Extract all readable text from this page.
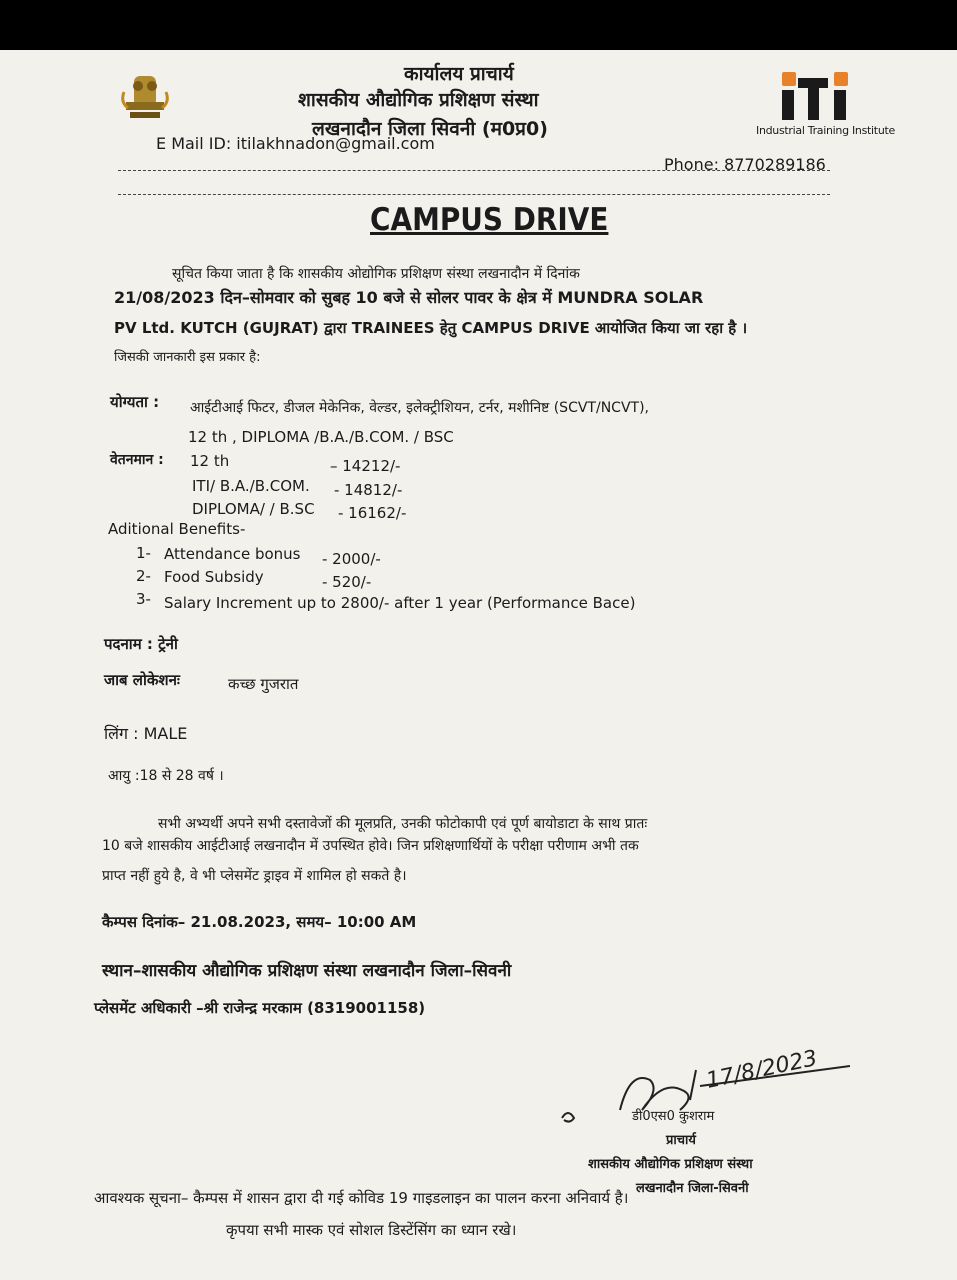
कार्यालय प्राचार्य
शासकीय औद्योगिक प्रशिक्षण संस्था
लखनादौन जिला सिवनी (म0प्र0)	Industrial Training Institute
E Mail ID: itilakhnadon@gmail.com
Phone: 8770289186
CAMPUS DRIVE
सूचित किया जाता है कि शासकीय ओद्योगिक प्रशिक्षण संस्था लखनादौन में दिनांक
21/08/2023 दिन–सोमवार को सुबह 10 बजे से सोलर पावर के क्षेत्र में MUNDRA SOLAR
PV Ltd. KUTCH (GUJRAT) द्वारा TRAINEES हेतु CAMPUS DRIVE आयोजित किया जा रहा है ।
जिसकी जानकारी इस प्रकार है:
योग्यता : आईटीआई फिटर, डीजल मेकेनिक, वेल्डर, इलेक्ट्रीशियन, टर्नर, मशीनिष्ट (SCVT/NCVT),
12 th , DIPLOMA /B.A./B.COM. / BSC
वेतनमान : 12 th	– 14212/-
ITI/ B.A./B.COM. - 14812/-
DIPLOMA/ / B.SC - 16162/-
Aditional Benefits-
1- Attendance bonus - 2000/-
2- Food Subsidy	- 520/-
3- Salary Increment up to 2800/- after 1 year (Performance Bace)
पदनाम : ट्रेनी
जाब लोकेशनः	कच्छ गुजरात
लिंग : MALE
आयु :18 से 28 वर्ष ।
सभी अभ्यर्थी अपने सभी दस्तावेजों की मूलप्रति, उनकी फोटोकापी एवं पूर्ण बायोडाटा के साथ प्रातः
10 बजे शासकीय आईटीआई लखनादौन में उपस्थित होवे। जिन प्रशिक्षणार्थियों के परीक्षा परीणाम अभी तक
प्राप्त नहीं हुये है, वे भी प्लेसमेंट ड्राइव में शामिल हो सकते है।
कैम्पस दिनांक– 21.08.2023, समय– 10:00 AM
स्थान–शासकीय औद्योगिक प्रशिक्षण संस्था लखनादौन जिला–सिवनी
प्लेसमेंट अधिकारी –श्री राजेन्द्र मरकाम (8319001158)
17/8/2023
डी0एस0 कुशराम
प्राचार्य
शासकीय औद्योगिक प्रशिक्षण संस्था
लखनादौन जिला-सिवनी
आवश्यक सूचना– कैम्पस में शासन द्वारा दी गई कोविड 19 गाइडलाइन का पालन करना अनिवार्य है।
कृपया सभी मास्क एवं सोशल डिस्टेंसिंग का ध्यान रखे।
